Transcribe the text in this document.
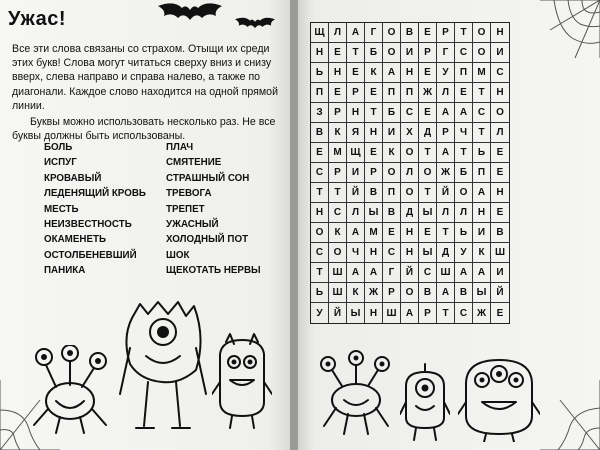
Ужас!

Все эти слова связаны со страхом. Отыщи их среди этих букв! Слова могут читаться сверху вниз и снизу вверх, слева направо и справа налево, а также по диагонали. Каждое слово находится на одной прямой линии.

Буквы можно использовать несколько раз. Не все буквы должны быть использованы.

БОЛЬ
ИСПУГ
КРОВАВЫЙ
ЛЕДЕНЯЩИЙ КРОВЬ
МЕСТЬ
НЕИЗВЕСТНОСТЬ
ОКАМЕНЕТЬ
ОСТОЛБЕНЕВШИЙ
ПАНИКА
ПЛАЧ
СМЯТЕНИЕ
СТРАШНЫЙ СОН
ТРЕВОГА
ТРЕПЕТ
УЖАСНЫЙ
ХОЛОДНЫЙ ПОТ
ШОК
ЩЕКОТАТЬ НЕРВЫ
Щ Л	А	Г	О	В	Е	Р	Т	О	Н
Н	Е	Т	Б	О	И	Р	Г	С	О	И
Ь	Н	Е	К	А	Н	Е	У	П	М	С
П	Е	Р	Е	П	П Ж Л	Е	Т	Н
З	Р	Н	Т	Б	С	Е	А	А	С	О
В	К	Я	Н	И	Х	Д	Р	Ч	Т	Л
Е	М Щ Е	К	О	Т	А	Т	Ь	Е
С	Р	И	Р	О	Л	О Ж Б	П	Е
Т	Т	Й	В	П	О	Т	Й	О	А	Н
Н	С	Л Ы В	Д Ы Л	Л	Н	Е
О	К	А	М	Е	Н	Е	Т	Ь	И	В
С	О	Ч	Н	С	Н Ы Д	У	К	Ш
Т Ш А	А	Г	Й	С Ш А	А	И
Ь Ш К	Ж	Р	О	В	А	В Ы	Й
У	Й Ы Н Ш А	Р	Т	С Ж	Е
